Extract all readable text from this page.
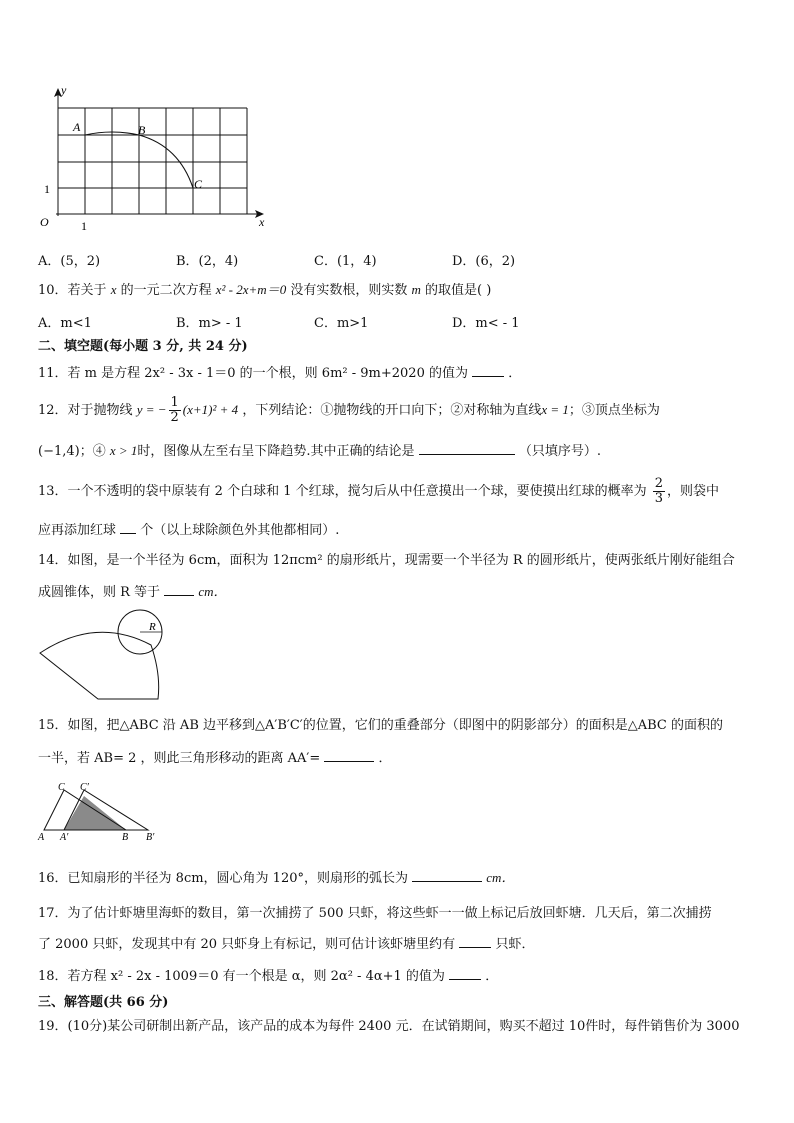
y
x
O	1
1
A	B
C
A．(5，2)	B．(2，4)	C．(1，4)	D．(6，2)
10．若关于 x 的一元二次方程 x² - 2x+m＝0 没有实数根，则实数 m 的取值是( )
A．m<1	B．m> - 1	C．m>1	D．m< - 1
二、填空题(每小题 3 分, 共 24 分)
11．若 m 是方程 2x² - 3x - 1＝0 的一个根，则 6m² - 9m+2020 的值为	．
12．对于抛物线 y = − $\frac{1}{2} (x+1)^2 + 4$ ，下列结论：①抛物线的开口向下；②对称轴为直线x = 1；③顶点坐标为
(−1,4)；④ x > 1时，图像从左至右呈下降趋势.其中正确的结论是	（只填序号）.
13．一个不透明的袋中原装有 2 个白球和 1 个红球，搅匀后从中任意摸出一个球，要使摸出红球的概率为 $\frac{2}{3}$ ，则袋中
应再添加红球 个（以上球除颜色外其他都相同）.
14．如图，是一个半径为 6cm，面积为 12πcm² 的扇形纸片，现需要一个半径为 R 的圆形纸片，使两张纸片刚好能组合
成圆锥体，则 R 等于	cm．
R
15．如图，把△ABC 沿 AB 边平移到△A′B′C′的位置，它们的重叠部分（即图中的阴影部分）的面积是△ABC 的面积的
一半，若 AB= 2 ，则此三角形移动的距离 AA′=	．
C C′
A A′	B B′
16．已知扇形的半径为 8cm，圆心角为 120°，则扇形的弧长为	cm．
17．为了估计虾塘里海虾的数目，第一次捕捞了 500 只虾，将这些虾一一做上标记后放回虾塘．几天后，第二次捕捞
了 2000 只虾，发现其中有 20 只虾身上有标记，则可估计该虾塘里约有	只虾．
18．若方程 x² - 2x - 1009＝0 有一个根是 α，则 2α² - 4α+1 的值为	．
三、解答题(共 66 分)
19．(10分)某公司研制出新产品，该产品的成本为每件 2400 元．在试销期间，购买不超过 10件时，每件销售价为 3000
